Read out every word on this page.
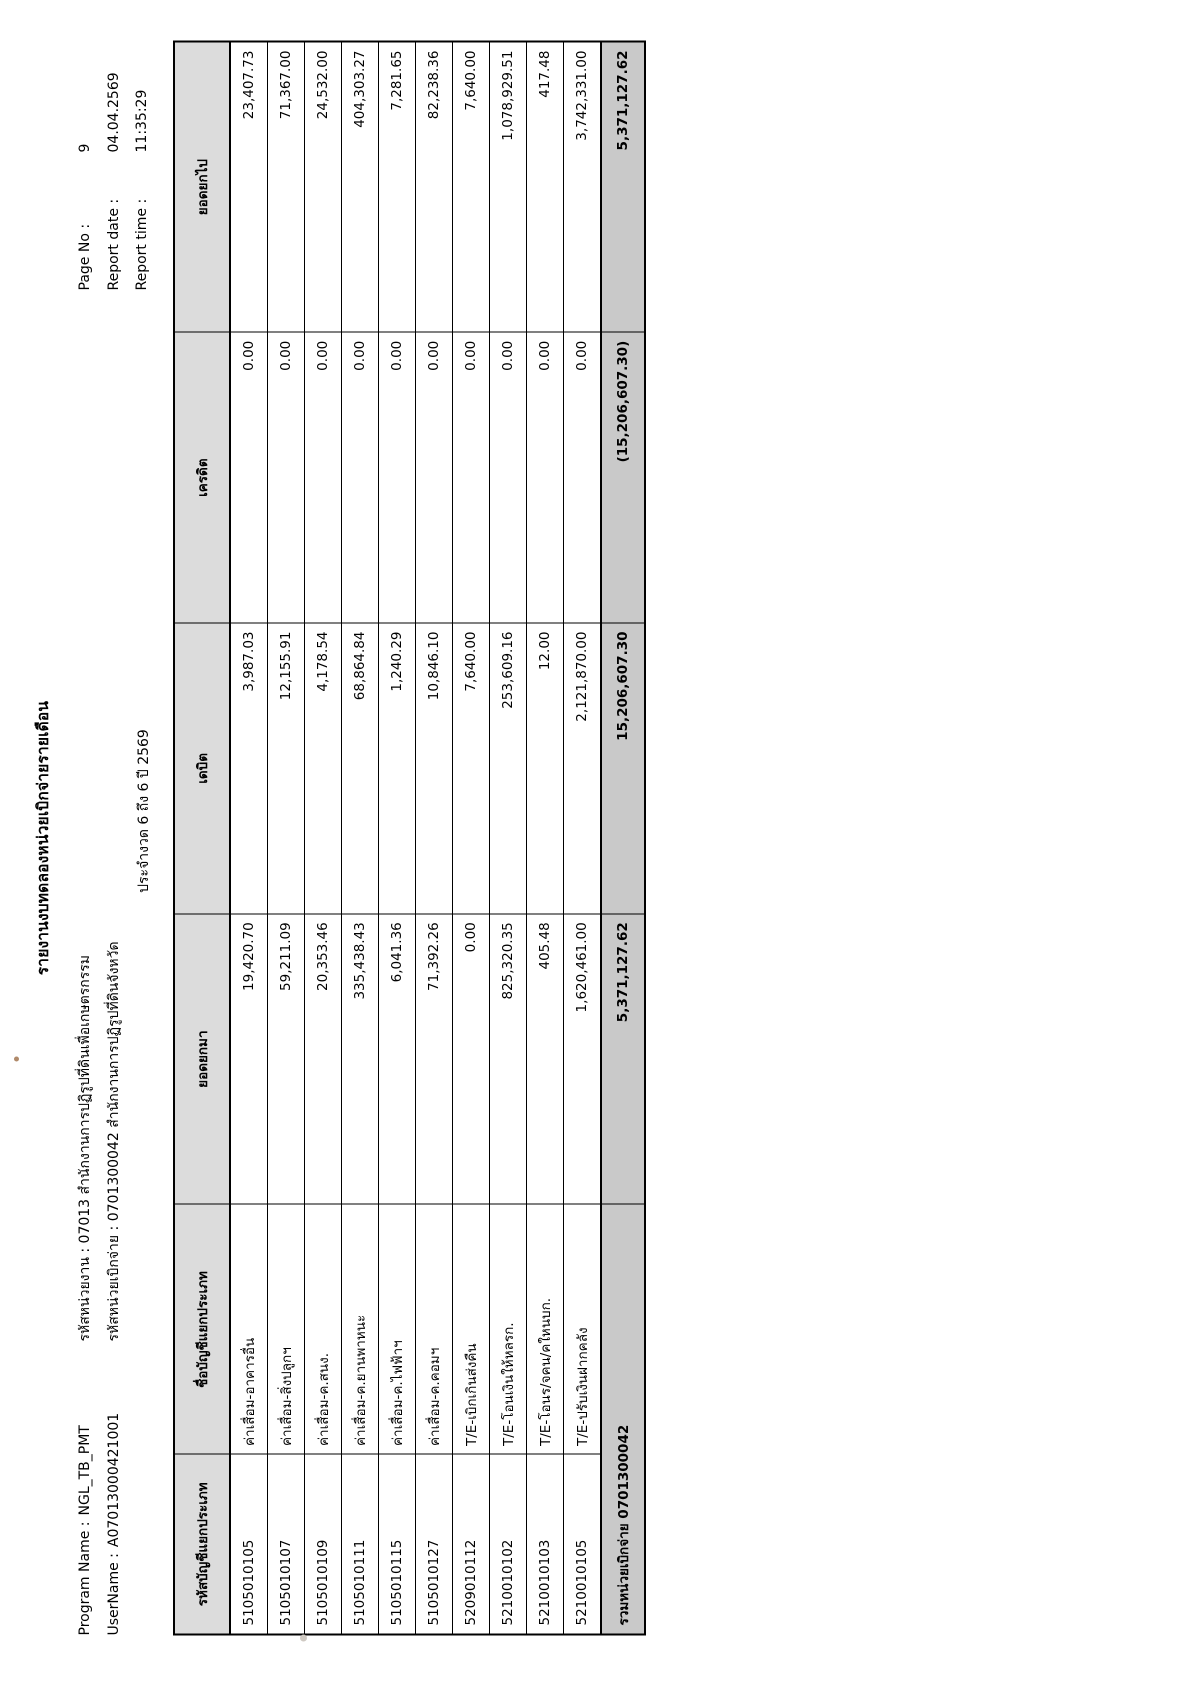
รายงานงบทดลองหน่วยเบิกจ่ายรายเดือน
Program Name :
NGL_TB_PMT
UserName :
A07013000421001
รหัสหน่วยงาน : 07013 สำนักงานการปฏิรูปที่ดินเพื่อเกษตรกรรม รหัสหน่วยเบิกจ่าย : 0701300042 สำนักงานการปฏิรูปที่ดินจังหวัด
ประจำงวด 6 ถึง 6 ปี 2569
Page No :
9
Report date :
04.04.2569
Report time :
11:35:29
รหัสบัญชีแยกประเภท	ชื่อบัญชีแยกประเภท	ยอดยกมา	เดบิต	เครดิต	ยอดยกไป
5105010105	ค่าเสื่อม-อาคารอื่น	19,420.70	3,987.03	0.00	23,407.73
5105010107	ค่าเสื่อม-สิ่งปลูกฯ	59,211.09	12,155.91	0.00	71,367.00
5105010109	ค่าเสื่อม-ค.สนง.	20,353.46	4,178.54	0.00	24,532.00
5105010111	ค่าเสื่อม-ค.ยานพาหนะ	335,438.43	68,864.84	0.00	404,303.27
5105010115	ค่าเสื่อม-ค.ไฟฟ้าฯ	6,041.36	1,240.29	0.00	7,281.65
5105010127	ค่าเสื่อม-ค.คอมฯ	71,392.26	10,846.10	0.00	82,238.36
5209010112	T/E-เบิกเกินส่งคืน	0.00	7,640.00	0.00	7,640.00
5210010102	T/E-โอนเงินให้หลรก.	825,320.35	253,609.16	0.00	1,078,929.51
5210010103	T/E-โอนร/จคน/คใหนบก.	405.48	12.00	0.00	417.48
5210010105	T/E-ปรับเงินฝากคลัง	1,620,461.00	2,121,870.00	0.00	3,742,331.00
รวมหน่วยเบิกจ่าย 0701300042		5,371,127.62	15,206,607.30	(15,206,607.30)	5,371,127.62
